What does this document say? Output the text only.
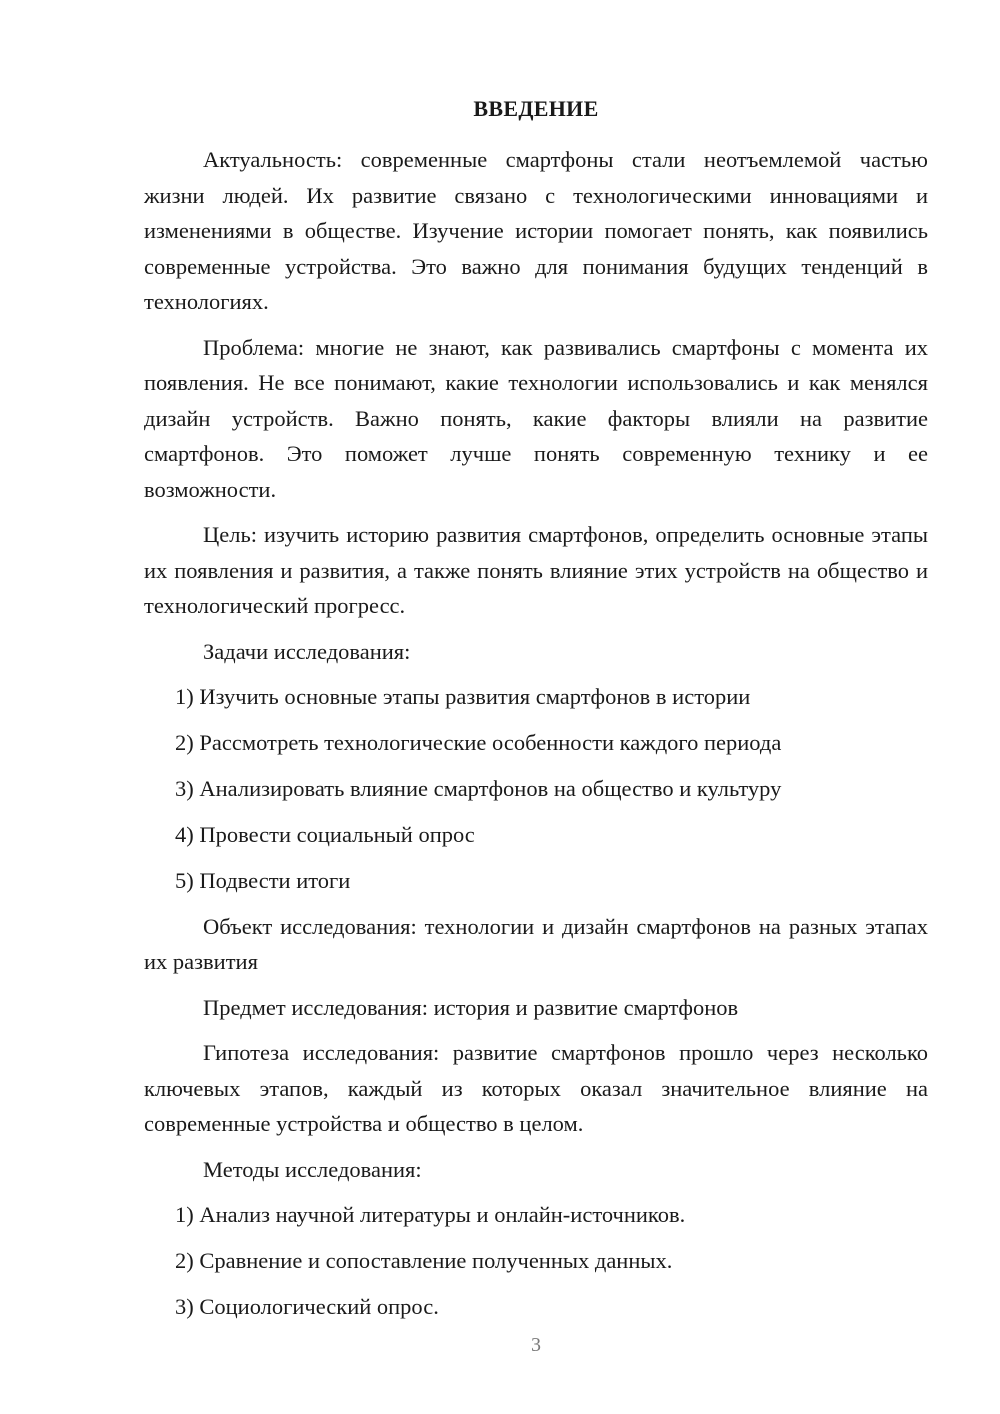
ВВЕДЕНИЕ

Актуальность: современные смартфоны стали неотъемлемой частью жизни людей. Их развитие связано с технологическими инновациями и изменениями в обществе. Изучение истории помогает понять, как появились современные устройства. Это важно для понимания будущих тенденций в технологиях.

Проблема: многие не знают, как развивались смартфоны с момента их появления. Не все понимают, какие технологии использовались и как менялся дизайн устройств. Важно понять, какие факторы влияли на развитие смартфонов. Это поможет лучше понять современную технику и ее возможности.

Цель: изучить историю развития смартфонов, определить основные этапы их появления и развития, а также понять влияние этих устройств на общество и технологический прогресс.

Задачи исследования:

1) Изучить основные этапы развития смартфонов в истории
2) Рассмотреть технологические особенности каждого периода
3) Анализировать влияние смартфонов на общество и культуру
4) Провести социальный опрос
5) Подвести итоги

Объект исследования: технологии и дизайн смартфонов на разных этапах их развития

Предмет исследования: история и развитие смартфонов

Гипотеза исследования: развитие смартфонов прошло через несколько ключевых этапов, каждый из которых оказал значительное влияние на современные устройства и общество в целом.

Методы исследования:

1) Анализ научной литературы и онлайн-источников.
2) Сравнение и сопоставление полученных данных.
3) Социологический опрос.
3
